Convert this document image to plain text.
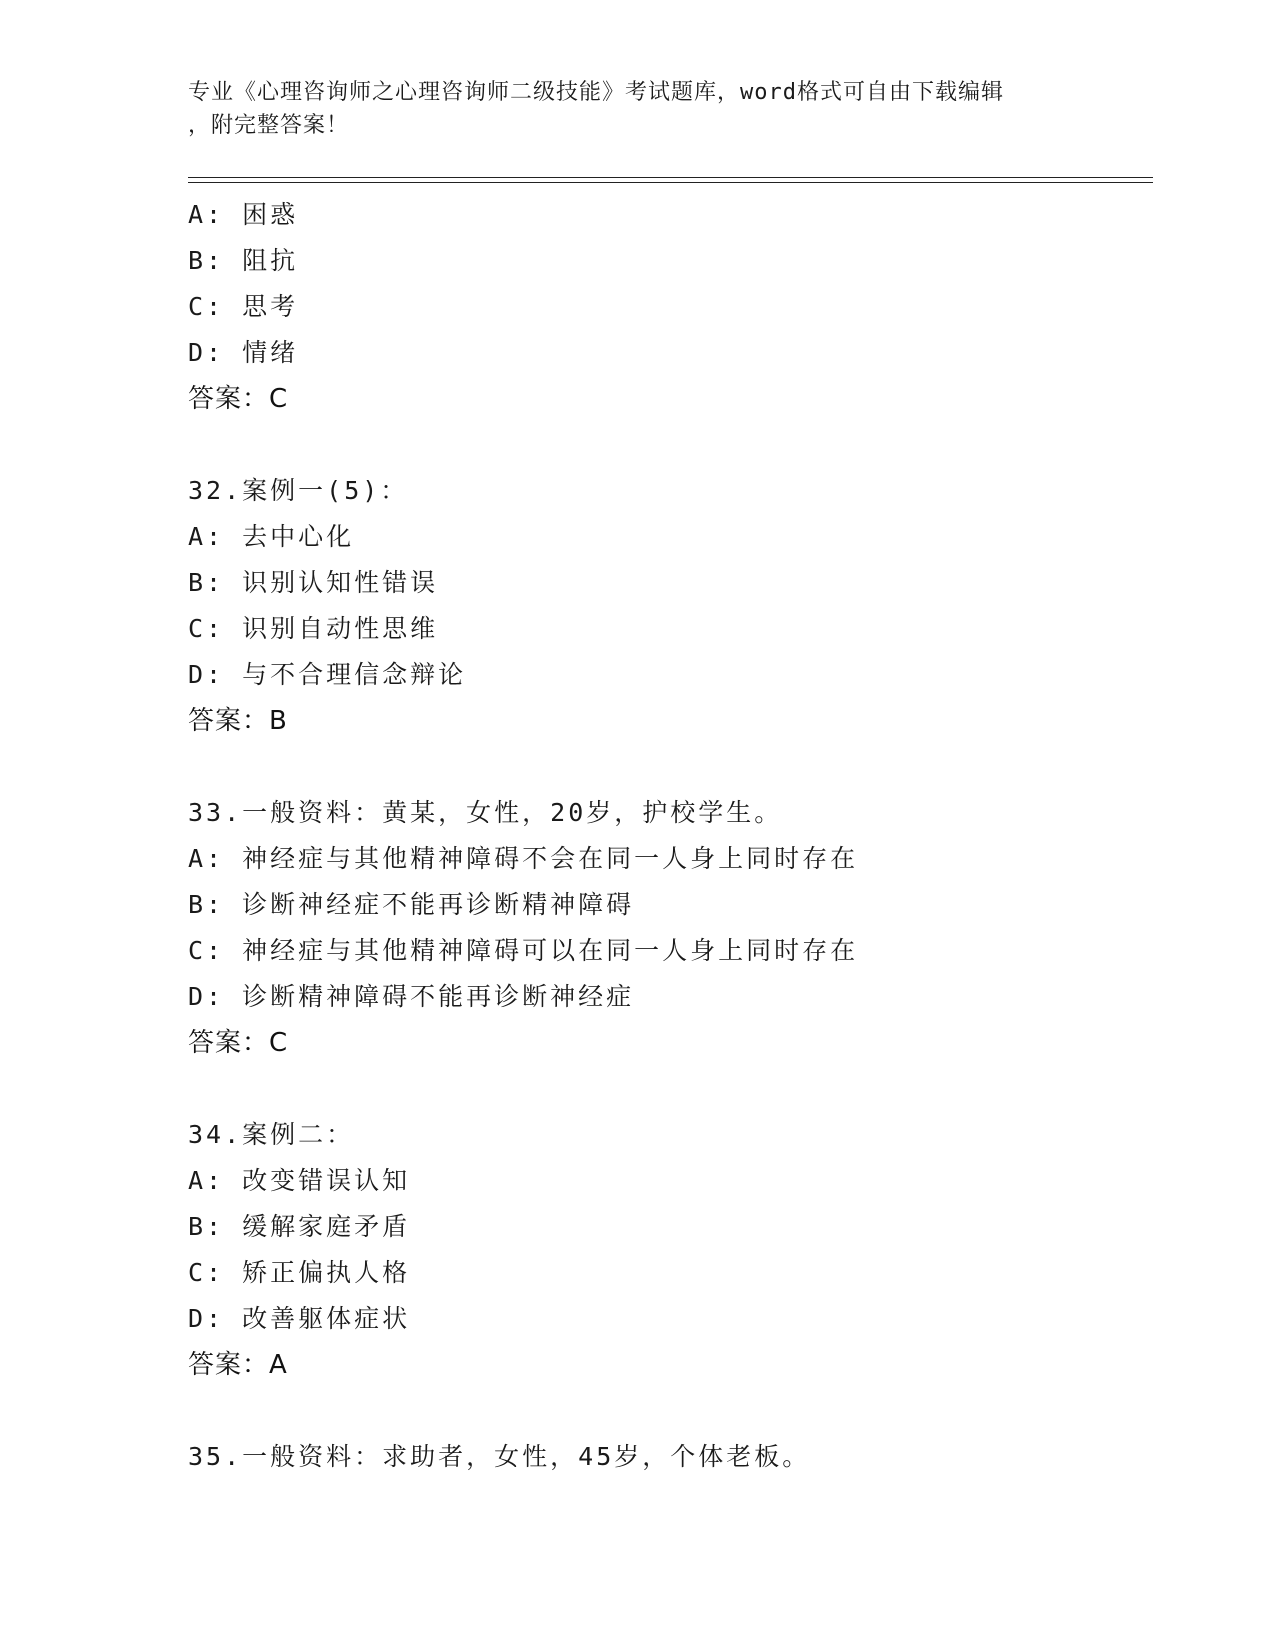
专业《心理咨询师之心理咨询师二级技能》考试题库，word格式可自由下载编辑
，附完整答案！
A: 困惑
B: 阻抗
C: 思考
D: 情绪
答案：C
32.案例一(5)：
A: 去中心化
B: 识别认知性错误
C: 识别自动性思维
D: 与不合理信念辩论
答案：B
33.一般资料：黄某，女性，20岁，护校学生。
A: 神经症与其他精神障碍不会在同一人身上同时存在
B: 诊断神经症不能再诊断精神障碍
C: 神经症与其他精神障碍可以在同一人身上同时存在
D: 诊断精神障碍不能再诊断神经症
答案：C
34.案例二：
A: 改变错误认知
B: 缓解家庭矛盾
C: 矫正偏执人格
D: 改善躯体症状
答案：A
35.一般资料：求助者，女性，45岁，个体老板。
